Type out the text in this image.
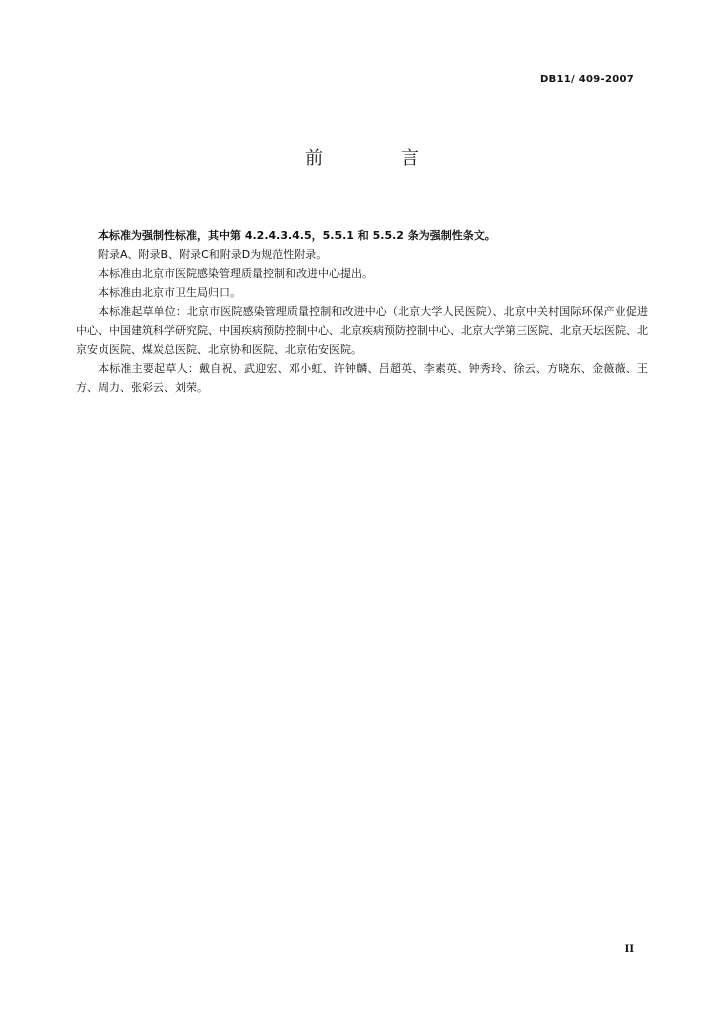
DB11/ 409-2007
前 言

本标准为强制性标准，其中第 4.2.4.3.4.5，5.5.1 和 5.5.2 条为强制性条文。

附录A、附录B、附录C和附录D为规范性附录。

本标准由北京市医院感染管理质量控制和改进中心提出。

本标准由北京市卫生局归口。

本标准起草单位：北京市医院感染管理质量控制和改进中心（北京大学人民医院）、北京中关村国际环保产业促进中心、中国建筑科学研究院、中国疾病预防控制中心、北京疾病预防控制中心、北京大学第三医院、北京天坛医院、北京安贞医院、煤炭总医院、北京协和医院、北京佑安医院。

本标准主要起草人：戴自祝、武迎宏、邓小虹、许钟麟、吕超英、李素英、钟秀玲、徐云、方晓东、金薇薇、王方、周力、张彩云、刘荣。

II
